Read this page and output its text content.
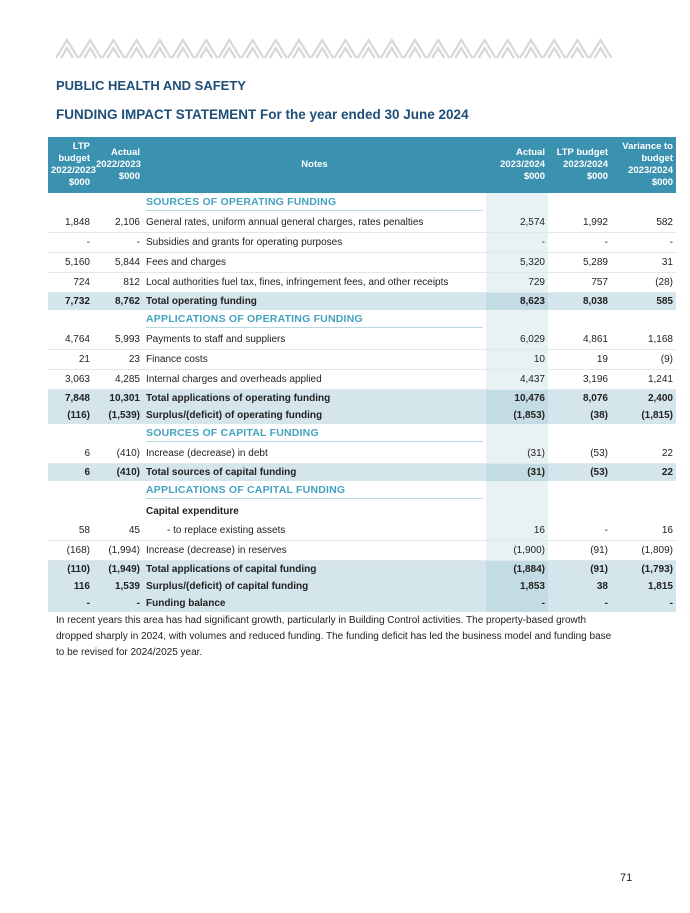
PUBLIC HEALTH AND SAFETY
FUNDING IMPACT STATEMENT For the year ended 30 June 2024
LTP budget 2022/2023 $000	Actual 2022/2023 $000	Notes	Actual 2023/2024 $000	LTP budget 2023/2024 $000	Variance to budget 2023/2024 $000

		SOURCES OF OPERATING FUNDING			

1,848	2,106	General rates, uniform annual general charges, rates penalties	2,574	1,992	582
-	-	Subsidies and grants for operating purposes	-	-	-
5,160	5,844	Fees and charges	5,320	5,289	31
724	812	Local authorities fuel tax, fines, infringement fees, and other receipts	729	757	(28)
7,732	8,762	Total operating funding	8,623	8,038	585

		APPLICATIONS OF OPERATING FUNDING			

4,764	5,993	Payments to staff and suppliers	6,029	4,861	1,168
21	23	Finance costs	10	19	(9)
3,063	4,285	Internal charges and overheads applied	4,437	3,196	1,241
7,848	10,301	Total applications of operating funding	10,476	8,076	2,400
(116)	(1,539)	Surplus/(deficit) of operating funding	(1,853)	(38)	(1,815)

		SOURCES OF CAPITAL FUNDING			

6	(410)	Increase (decrease) in debt	(31)	(53)	22
6	(410)	Total sources of capital funding	(31)	(53)	22

		APPLICATIONS OF CAPITAL FUNDING			

		Capital expenditure			
58	45	- to replace existing assets	16	-	16
(168)	(1,994)	Increase (decrease) in reserves	(1,900)	(91)	(1,809)
(110)	(1,949)	Total applications of capital funding	(1,884)	(91)	(1,793)
116	1,539	Surplus/(deficit) of capital funding	1,853	38	1,815
-	-	Funding balance	-	-	-
In recent years this area has had significant growth, particularly in Building Control activities. The property-based growth dropped sharply in 2024, with volumes and reduced funding. The funding deficit has led the business model and funding base to be revised for 2024/2025 year.
71
